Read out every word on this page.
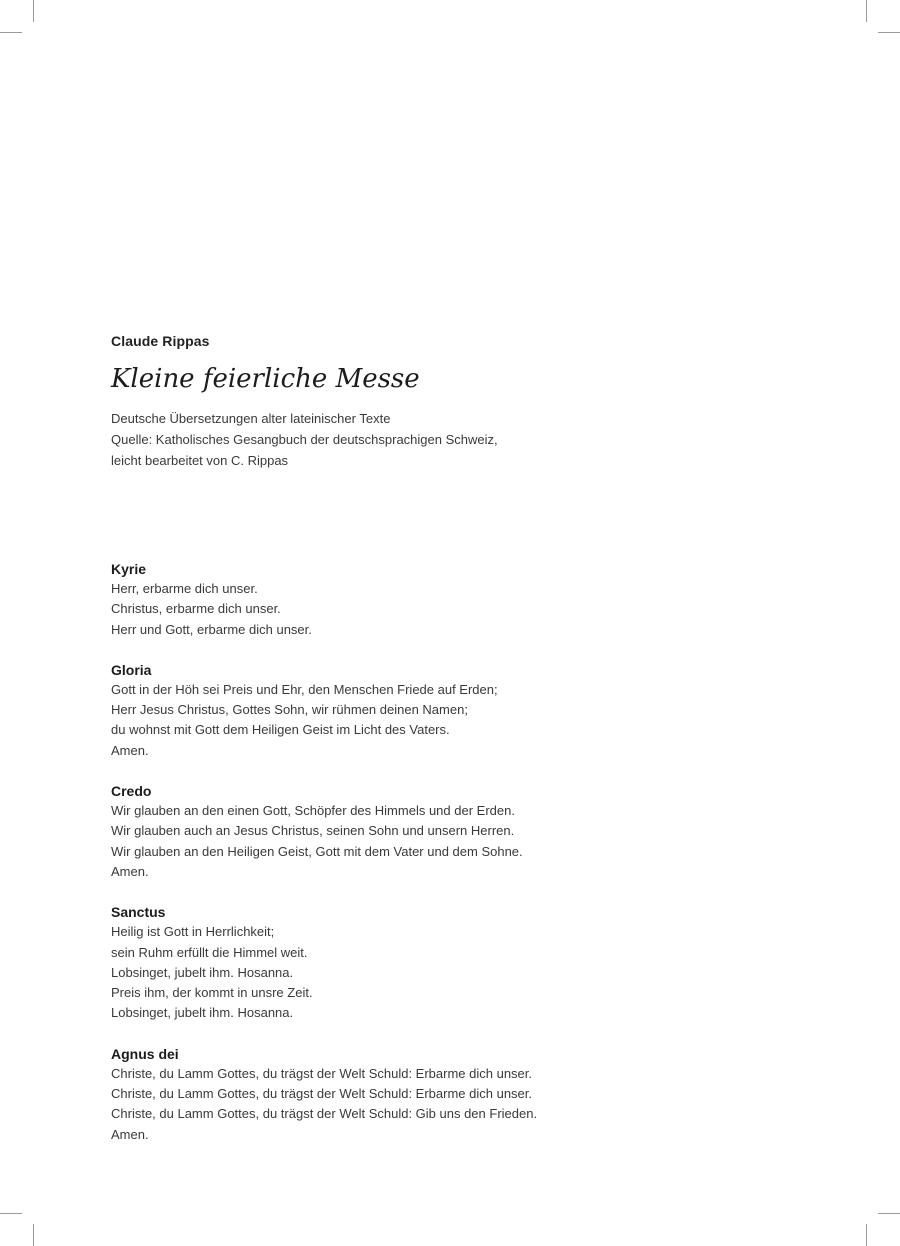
Claude Rippas

Kleine feierliche Messe
Deutsche Übersetzungen alter lateinischer Texte
Quelle: Katholisches Gesangbuch der deutschsprachigen Schweiz,
leicht bearbeitet von C. Rippas

Kyrie

Herr, erbarme dich unser.

Christus, erbarme dich unser.

Herr und Gott, erbarme dich unser.

Gloria

Gott in der Höh sei Preis und Ehr, den Menschen Friede auf Erden;

Herr Jesus Christus, Gottes Sohn, wir rühmen deinen Namen;

du wohnst mit Gott dem Heiligen Geist im Licht des Vaters.

Amen.

Credo

Wir glauben an den einen Gott, Schöpfer des Himmels und der Erden.

Wir glauben auch an Jesus Christus, seinen Sohn und unsern Herren.

Wir glauben an den Heiligen Geist, Gott mit dem Vater und dem Sohne.

Amen.

Sanctus

Heilig ist Gott in Herrlichkeit;

sein Ruhm erfüllt die Himmel weit.

Lobsinget, jubelt ihm. Hosanna.

Preis ihm, der kommt in unsre Zeit.

Lobsinget, jubelt ihm. Hosanna.

Agnus dei

Christe, du Lamm Gottes, du trägst der Welt Schuld: Erbarme dich unser.

Christe, du Lamm Gottes, du trägst der Welt Schuld: Erbarme dich unser.

Christe, du Lamm Gottes, du trägst der Welt Schuld: Gib uns den Frieden.

Amen.
